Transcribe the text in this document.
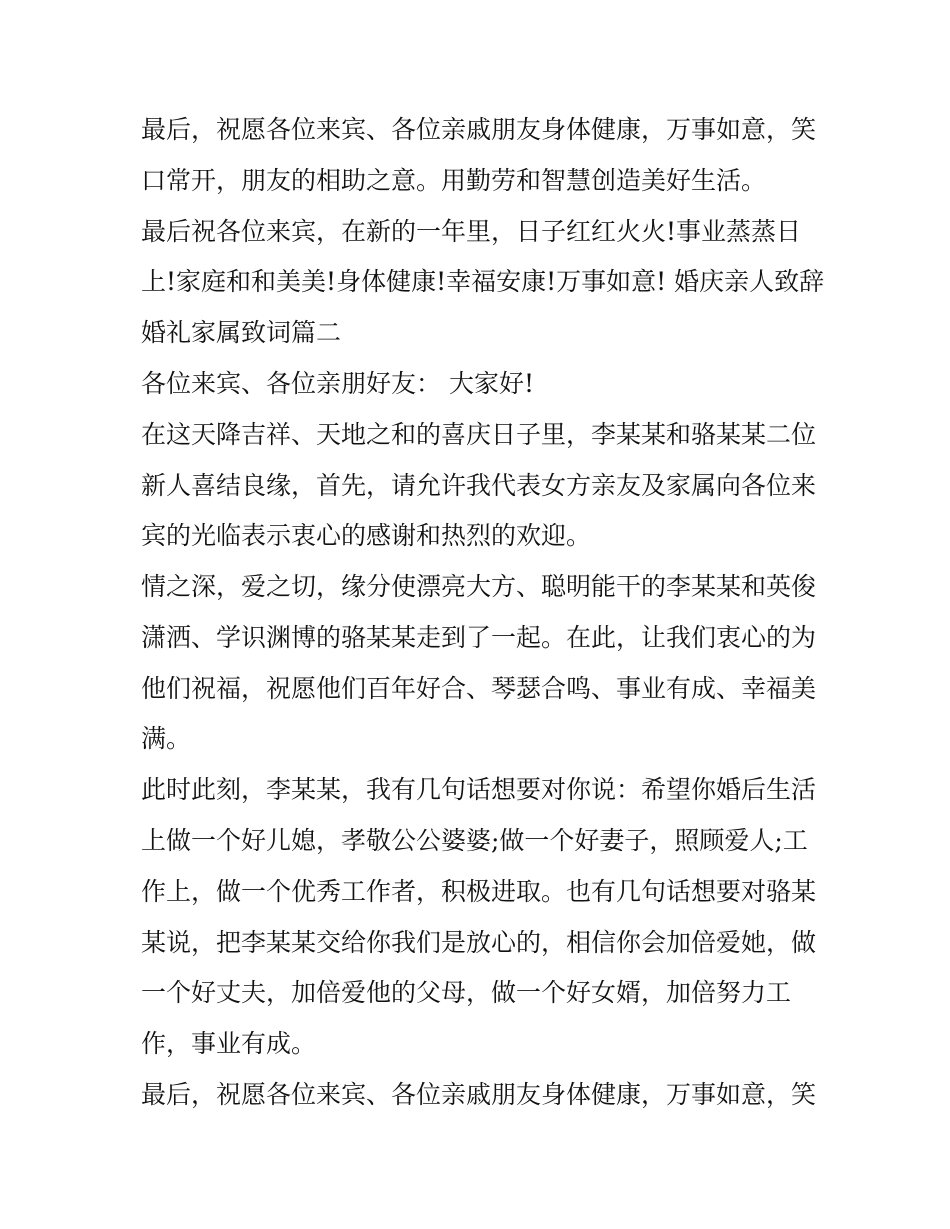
最后，祝愿各位来宾、各位亲戚朋友身体健康，万事如意，笑

口常开，朋友的相助之意。用勤劳和智慧创造美好生活。

最后祝各位来宾，在新的一年里，日子红红火火!事业蒸蒸日

上!家庭和和美美!身体健康!幸福安康!万事如意! 婚庆亲人致辞

婚礼家属致词篇二

各位来宾、各位亲朋好友： 大家好!

在这天降吉祥、天地之和的喜庆日子里，李某某和骆某某二位

新人喜结良缘，首先，请允许我代表女方亲友及家属向各位来

宾的光临表示衷心的感谢和热烈的欢迎。

情之深，爱之切，缘分使漂亮大方、聪明能干的李某某和英俊

潇洒、学识渊博的骆某某走到了一起。在此，让我们衷心的为

他们祝福，祝愿他们百年好合、琴瑟合鸣、事业有成、幸福美

满。

此时此刻，李某某，我有几句话想要对你说：希望你婚后生活

上做一个好儿媳，孝敬公公婆婆;做一个好妻子，照顾爱人;工

作上，做一个优秀工作者，积极进取。也有几句话想要对骆某

某说，把李某某交给你我们是放心的，相信你会加倍爱她，做

一个好丈夫，加倍爱他的父母，做一个好女婿，加倍努力工

作，事业有成。

最后，祝愿各位来宾、各位亲戚朋友身体健康，万事如意，笑
